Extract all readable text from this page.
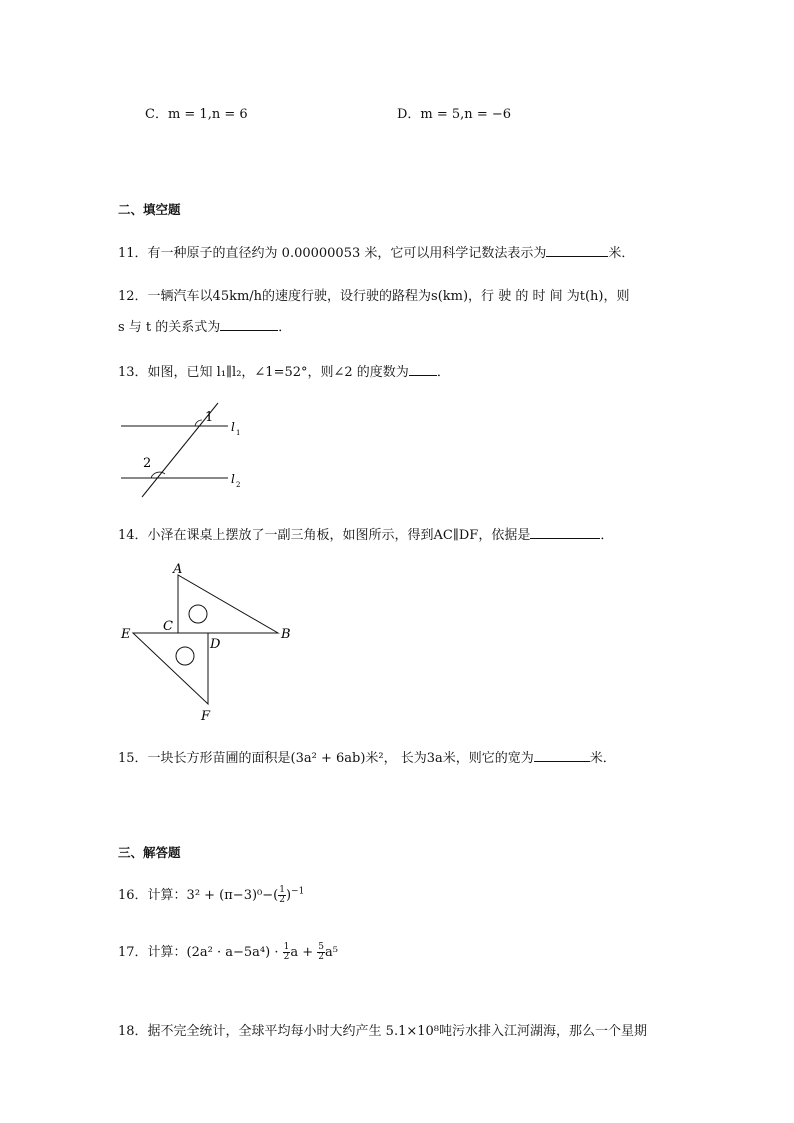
C．m = 1,n = 6	D．m = 5,n = −6
二、填空题
11．有一种原子的直径约为 0.00000053 米，它可以用科学记数法表示为	米．
12．一辆汽车以45km/h的速度行驶，设行驶的路程为s(km)，行 驶 的 时 间 为t(h)，则
s 与 t 的关系式为	．
13．如图，已知 l₁∥l₂，∠1=52°，则∠2 的度数为 ．
1
2
l 1
l 2
14．小泽在课桌上摆放了一副三角板，如图所示，得到AC∥DF，依据是	．
A
B
C
D
E
F
15．一块长方形苗圃的面积是(3a² + 6ab)米²， 长为3a米，则它的宽为	米．
三、解答题
16．计算：$3^2 + (\pi-3)^0-( \frac{1}{2} )^{-1}$
17．计算：$(2a^2 \cdot a-5a^4) \cdot \frac{1}{2}$ $a + \frac{5}{2} a^5$
18．据不完全统计，全球平均每小时大约产生 5.1×10⁸吨污水排入江河湖海，那么一个星期
